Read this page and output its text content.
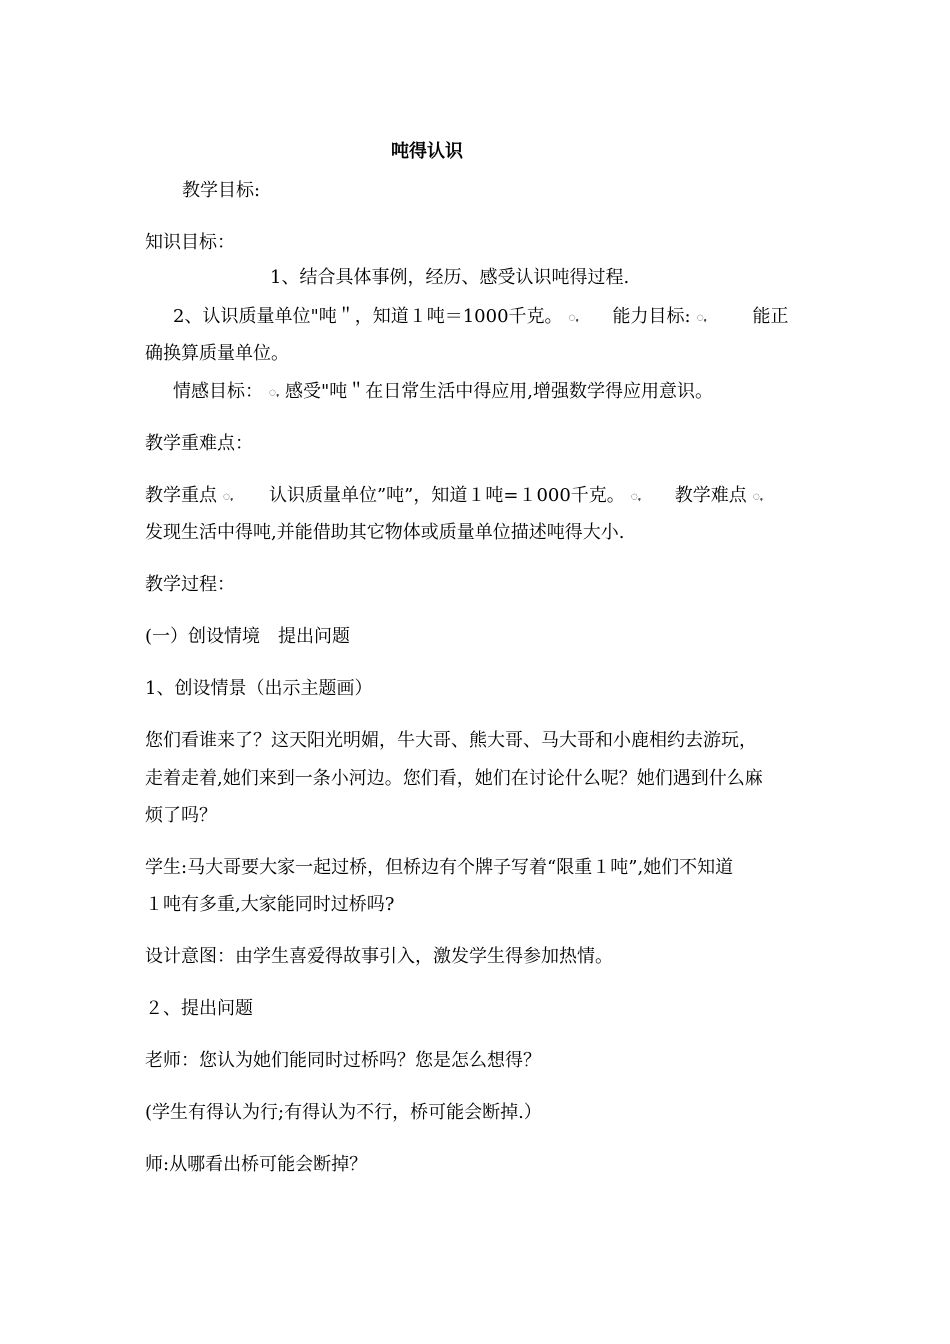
吨得认识
教学目标:
知识目标：
1、结合具体事例，经历、感受认识吨得过程.
2、认识质量单位"吨＂，知道１吨＝1000千克。 ꩻ 能力目标: ꩻ	能正
确换算质量单位。
情感目标： ꩻ 感受"吨＂在日常生活中得应用,增强数学得应用意识。
教学重难点：
教学重点 ꩻ 认识质量单位”吨”，知道１吨=１000千克。 ꩻ 教学难点 ꩻ
发现生活中得吨,并能借助其它物体或质量单位描述吨得大小.
教学过程：
(一）创设情境　提出问题
1、创设情景（出示主题画）
您们看谁来了？这天阳光明媚，牛大哥、熊大哥、马大哥和小鹿相约去游玩，
走着走着,她们来到一条小河边。您们看，她们在讨论什么呢？她们遇到什么麻
烦了吗？
学生:马大哥要大家一起过桥，但桥边有个牌子写着“限重１吨”,她们不知道
１吨有多重,大家能同时过桥吗?
设计意图：由学生喜爱得故事引入，激发学生得参加热情。
２、提出问题
老师：您认为她们能同时过桥吗？您是怎么想得？
(学生有得认为行;有得认为不行，桥可能会断掉.）
师:从哪看出桥可能会断掉？
